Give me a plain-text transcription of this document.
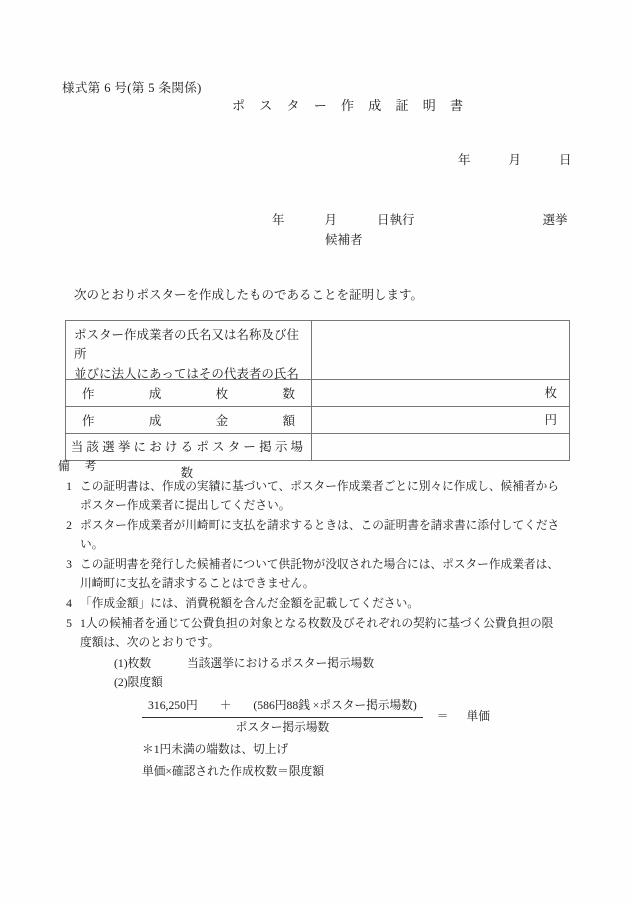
様式第 6 号(第 5 条関係)
ポ ス タ ー 作 成 証 明 書
年	月	日
年	月	日執行	選挙
候補者
次のとおりポスターを作成したものであることを証明します。
ポスター作成業者の氏名又は名称及び住所
並びに法人にあってはその代表者の氏名	

作 成 枚 数	枚

作 成 金 額	円

当該選挙におけるポスター掲示場数	

備 考
1 この証明書は、作成の実績に基づいて、ポスター作成業者ごとに別々に作成し、候補者から

ポスター作成業者に提出してください。

2 ポスター作成業者が川崎町に支払を請求するときは、この証明書を請求書に添付してくださ

い。

3 この証明書を発行した候補者について供託物が没収された場合には、ポスター作成業者は、

川崎町に支払を請求することはできません。

4 「作成金額」には、消費税額を含んだ金額を記載してください。

5 1人の候補者を通じて公費負担の対象となる枚数及びそれぞれの契約に基づく公費負担の限

度額は、次のとおりです。

(1)枚数	当該選挙におけるポスター掲示場数
(2)限度額
$\frac{\text{316,250円 ＋ (586円88銭 ×ポスター掲示場数)}}{\text{ポスター掲示場数}}$ ＝ 単価
＊1円未満の端数は、切上げ
単価×確認された作成枚数＝限度額
